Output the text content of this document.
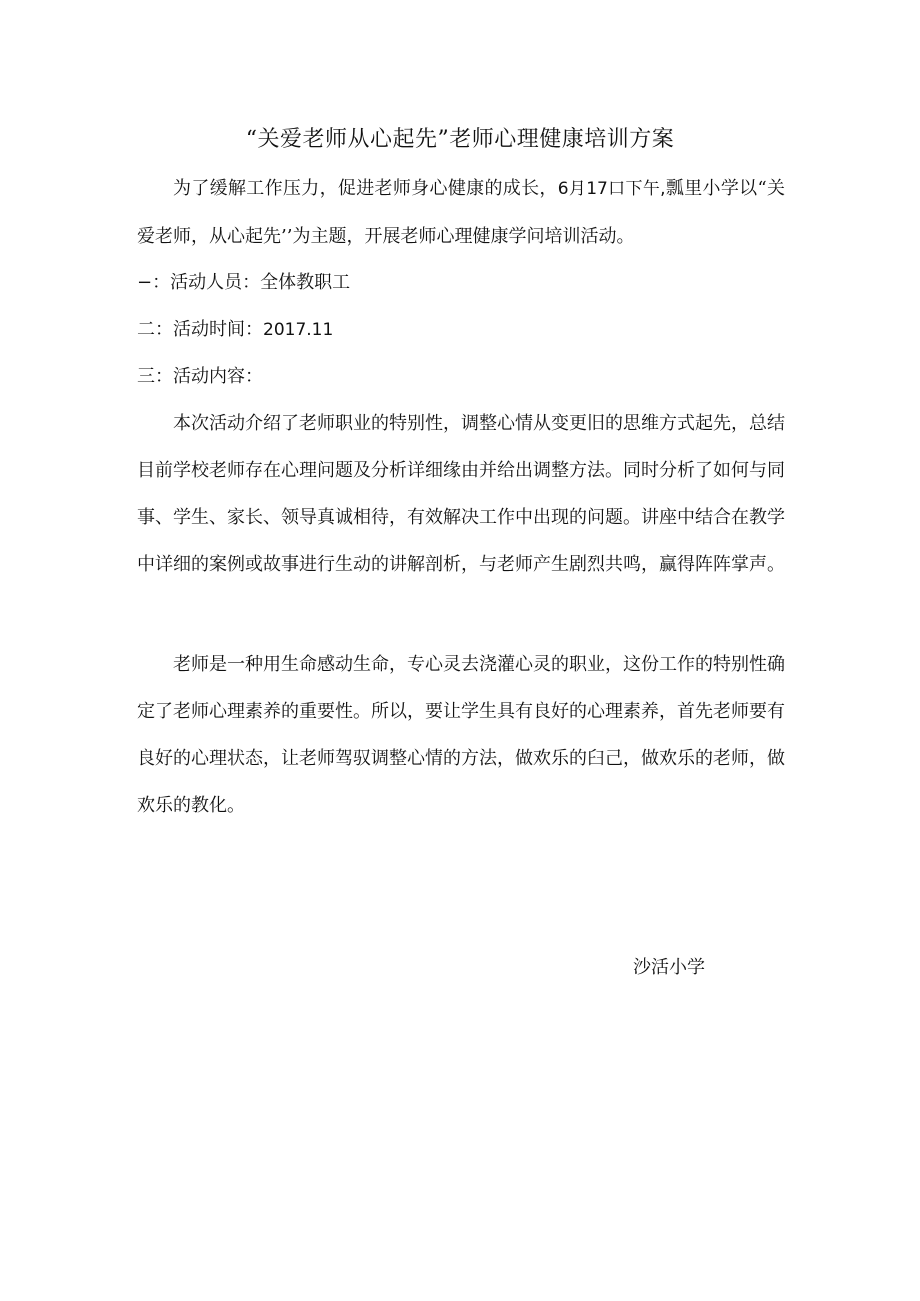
“关爱老师从心起先”老师心理健康培训方案

为了缓解工作压力，促进老师身心健康的成长，6月17口下午,瓢里小学以“关爱老师，从心起先’’为主题，开展老师心理健康学问培训活动。

−：活动人员：全体教职工

二：活动时间：2017.11

三：活动内容：

本次活动介绍了老师职业的特别性，调整心情从变更旧的思维方式起先，总结目前学校老师存在心理问题及分析详细缘由并给出调整方法。同时分析了如何与同事、学生、家长、领导真诚相待，有效解决工作中出现的问题。讲座中结合在教学中详细的案例或故事进行生动的讲解剖析，与老师产生剧烈共鸣，赢得阵阵掌声。

老师是一种用生命感动生命，专心灵去浇灌心灵的职业，这份工作的特别性确定了老师心理素养的重要性。所以，要让学生具有良好的心理素养，首先老师要有良好的心理状态，让老师驾驭调整心情的方法，做欢乐的臼己，做欢乐的老师，做欢乐的教化。

沙活小学
